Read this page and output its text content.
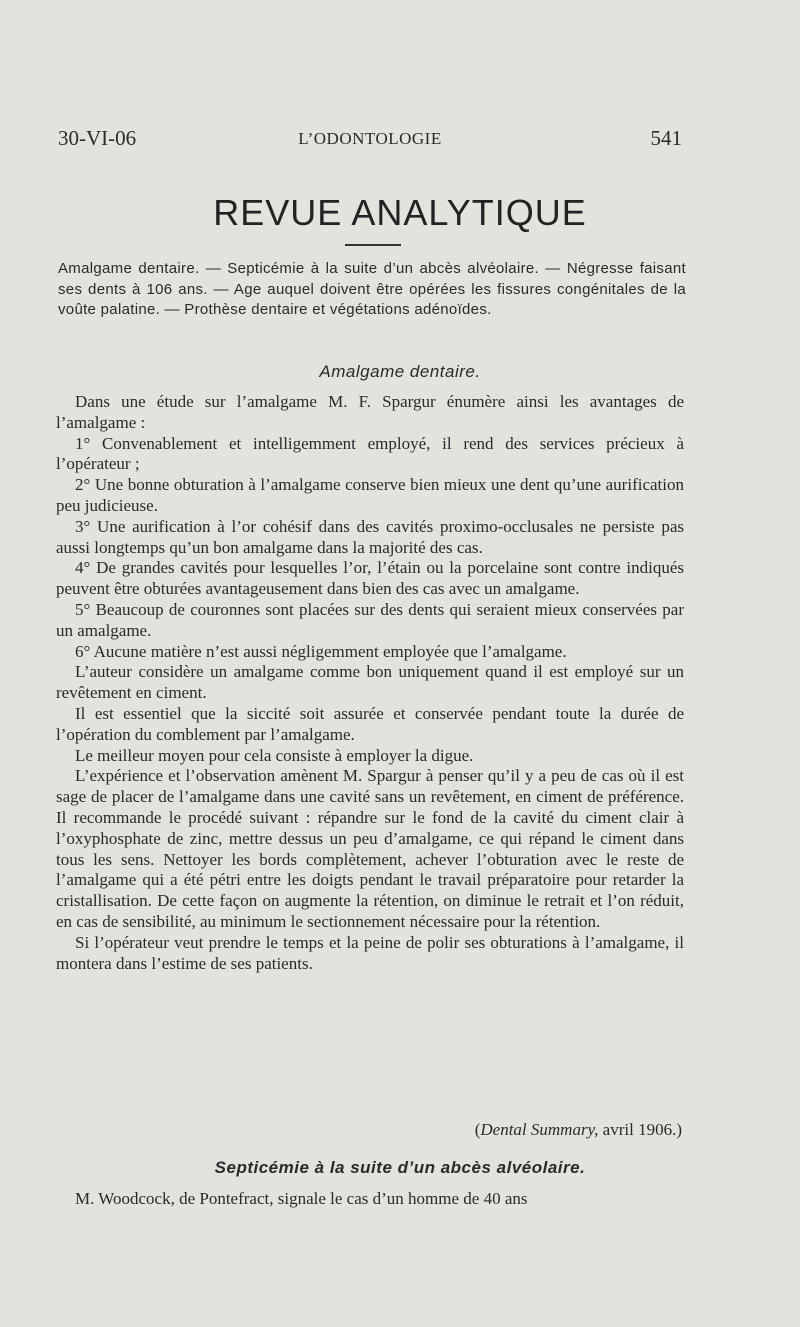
30-VI-06	L’ODONTOLOGIE	541
REVUE ANALYTIQUE
Amalgame dentaire. — Septicémie à la suite d’un abcès alvéolaire. — Négresse faisant ses dents à 106 ans. — Age auquel doivent être opérées les fissures congénitales de la voûte palatine. — Prothèse dentaire et végétations adénoïdes.
Amalgame dentaire.

Dans une étude sur l’amalgame M. F. Spargur énumère ainsi les avantages de l’amalgame :

1° Convenablement et intelligemment employé, il rend des services précieux à l’opérateur ;

2° Une bonne obturation à l’amalgame conserve bien mieux une dent qu’une aurification peu judicieuse.

3° Une aurification à l’or cohésif dans des cavités proximo-occlusales ne persiste pas aussi longtemps qu’un bon amalgame dans la majorité des cas.

4° De grandes cavités pour lesquelles l’or, l’étain ou la porcelaine sont contre indiqués peuvent être obturées avantageusement dans bien des cas avec un amalgame.

5° Beaucoup de couronnes sont placées sur des dents qui seraient mieux conservées par un amalgame.

6° Aucune matière n’est aussi négligemment employée que l’amalgame.

L’auteur considère un amalgame comme bon uniquement quand il est employé sur un revêtement en ciment.

Il est essentiel que la siccité soit assurée et conservée pendant toute la durée de l’opération du comblement par l’amalgame.

Le meilleur moyen pour cela consiste à employer la digue.

L’expérience et l’observation amènent M. Spargur à penser qu’il y a peu de cas où il est sage de placer de l’amalgame dans une cavité sans un revêtement, en ciment de préférence. Il recommande le procédé suivant : répandre sur le fond de la cavité du ciment clair à l’oxyphosphate de zinc, mettre dessus un peu d’amalgame, ce qui répand le ciment dans tous les sens. Nettoyer les bords complètement, achever l’obturation avec le reste de l’amalgame qui a été pétri entre les doigts pendant le travail préparatoire pour retarder la cristallisation. De cette façon on augmente la rétention, on diminue le retrait et l’on réduit, en cas de sensibilité, au minimum le sectionnement nécessaire pour la rétention.

Si l’opérateur veut prendre le temps et la peine de polir ses obturations à l’amalgame, il montera dans l’estime de ses patients.

(Dental Summary, avril 1906.)
Septicémie à la suite d’un abcès alvéolaire.

M. Woodcock, de Pontefract, signale le cas d’un homme de 40 ans
